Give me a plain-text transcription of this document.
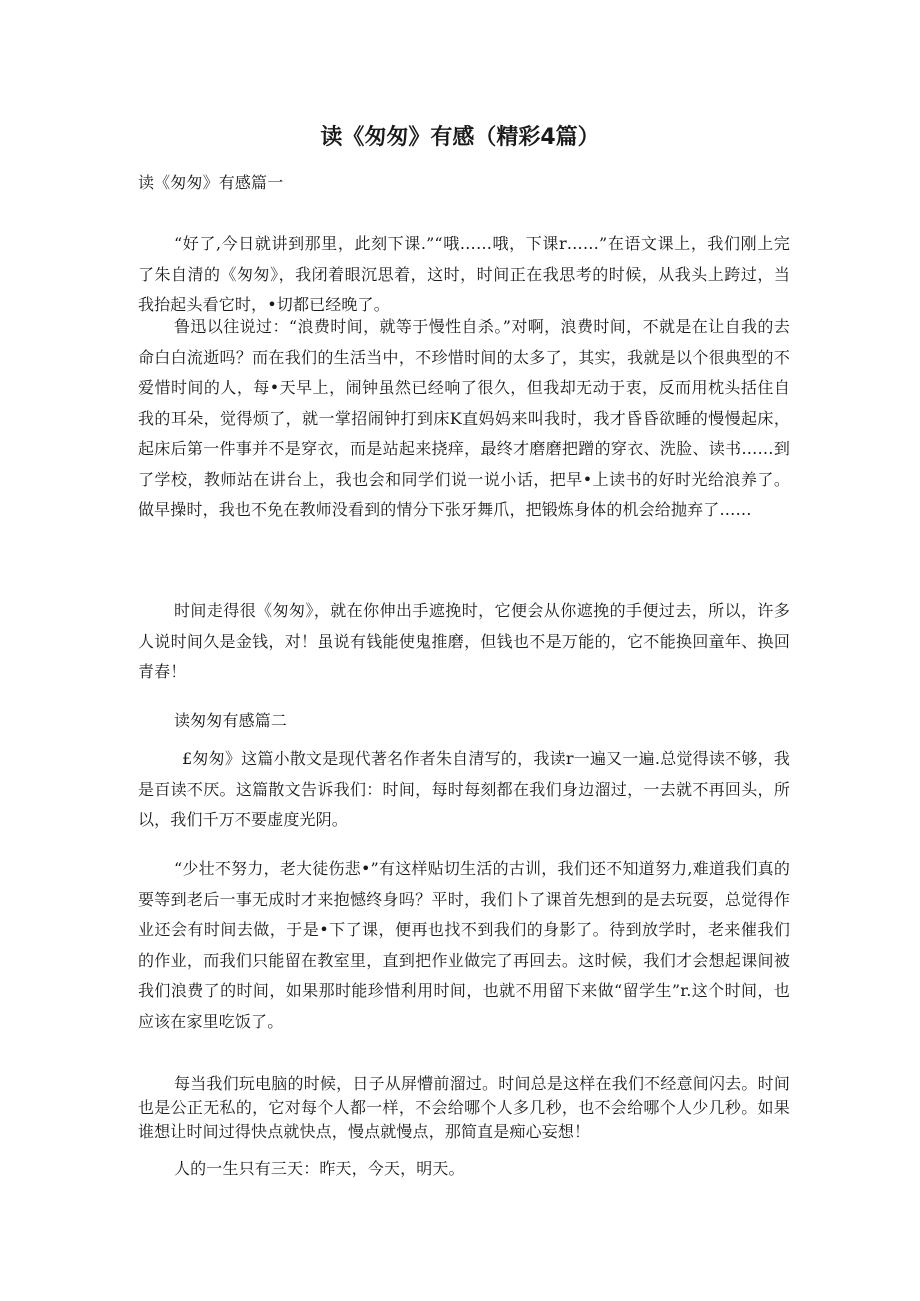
读《匆匆》有感（精彩4篇）

读《匆匆》有感篇一

“好了,今日就讲到那里，此刻下课.”“哦……哦，下课r……”在语文课上，我们刚上完了朱自清的《匆匆》，我闭着眼沉思着，这时，时间正在我思考的时候，从我头上跨过，当我抬起头看它时，•切都已经晚了。

鲁迅以往说过：“浪费时间，就等于慢性自杀。”对啊，浪费时间，不就是在让自我的去命白白流逝吗？而在我们的生活当中，不珍惜时间的太多了，其实，我就是以个很典型的不爱惜时间的人，每•天早上，闹钟虽然已经响了很久，但我却无动于衷，反而用枕头括住自我的耳朵，觉得烦了，就一掌招闹钟打到床K直妈妈来叫我时，我才昏昏欲睡的慢慢起床，起床后第一件事并不是穿衣，而是站起来挠痒，最终才磨磨把蹭的穿衣、洗脸、读书……到了学校，教师站在讲台上，我也会和同学们说一说小话，把早•上读书的好时光给浪养了。做早操时，我也不免在教师没看到的情分下张牙舞爪，把锻炼身体的机会给抛弃了……

时间走得很《匆匆》，就在你伸出手遮挽时，它便会从你遮挽的手便过去，所以，许多人说时间久是金钱，对！虽说有钱能使鬼推磨，但钱也不是万能的，它不能换回童年、换回青春！

读匆匆有感篇二

£匆匆》这篇小散文是现代著名作者朱自清写的，我读r一遍又一遍.总觉得读不够，我是百读不厌。这篇散文告诉我们：时间，每时每刻都在我们身边溜过，一去就不再回头，所以，我们千万不要虚度光阴。

“少壮不努力，老大徒伤悲•”有这样贴切生活的古训，我们还不知道努力,难道我们真的要等到老后一事无成时才来抱憾终身吗？平时，我们卜了课首先想到的是去玩耍，总觉得作业还会有时间去做，于是•下了课，便再也找不到我们的身影了。待到放学时，老来催我们的作业，而我们只能留在教室里，直到把作业做完了再回去。这时候，我们才会想起课间被我们浪费了的时间，如果那时能珍惜利用时间，也就不用留下来做“留学生”r.这个时间，也应该在家里吃饭了。

每当我们玩电脑的时候，日子从屏懵前溜过。时间总是这样在我们不经意间闪去。时间也是公正无私的，它对每个人都一样，不会给哪个人多几秒，也不会给哪个人少几秒。如果谁想让时间过得快点就快点，慢点就慢点，那简直是痴心妄想！

人的一生只有三天：昨天，今天，明天。
